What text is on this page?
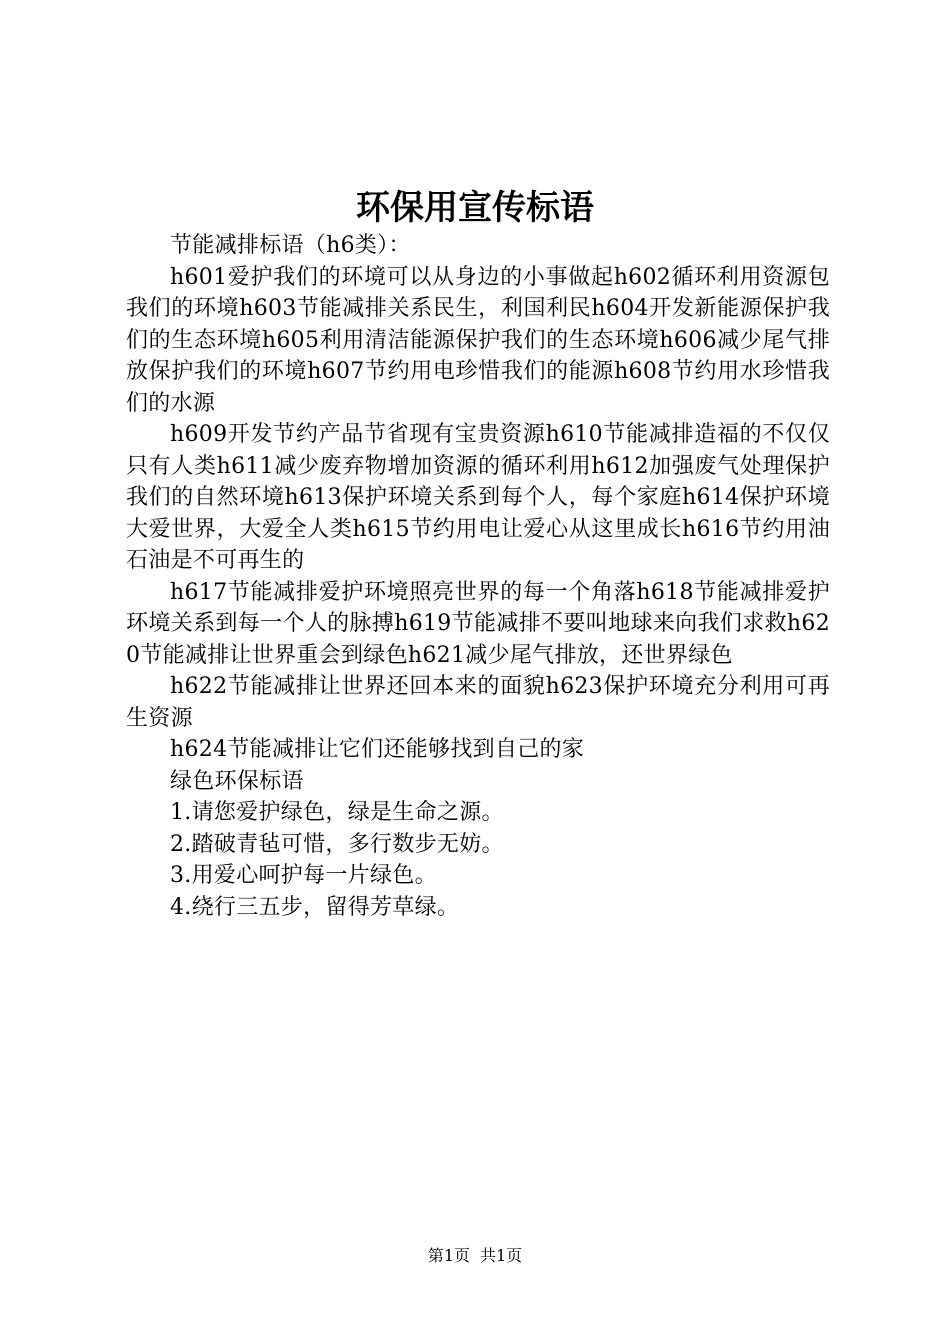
环保用宣传标语

节能减排标语（h6类）：

h601爱护我们的环境可以从身边的小事做起h602循环利用资源包我们的环境h603节能减排关系民生，利国利民h604开发新能源保护我们的生态环境h605利用清洁能源保护我们的生态环境h606减少尾气排放保护我们的环境h607节约用电珍惜我们的能源h608节约用水珍惜我们的水源

h609开发节约产品节省现有宝贵资源h610节能减排造福的不仅仅只有人类h611减少废弃物增加资源的循环利用h612加强废气处理保护我们的自然环境h613保护环境关系到每个人，每个家庭h614保护环境大爱世界，大爱全人类h615节约用电让爱心从这里成长h616节约用油石油是不可再生的

h617节能减排爱护环境照亮世界的每一个角落h618节能减排爱护环境关系到每一个人的脉搏h619节能减排不要叫地球来向我们求救h620节能减排让世界重会到绿色h621减少尾气排放，还世界绿色

h622节能减排让世界还回本来的面貌h623保护环境充分利用可再生资源

h624节能减排让它们还能够找到自己的家

绿色环保标语

1.请您爱护绿色，绿是生命之源。

2.踏破青毡可惜，多行数步无妨。

3.用爱心呵护每一片绿色。

4.绕行三五步，留得芳草绿。

第1页 共1页
